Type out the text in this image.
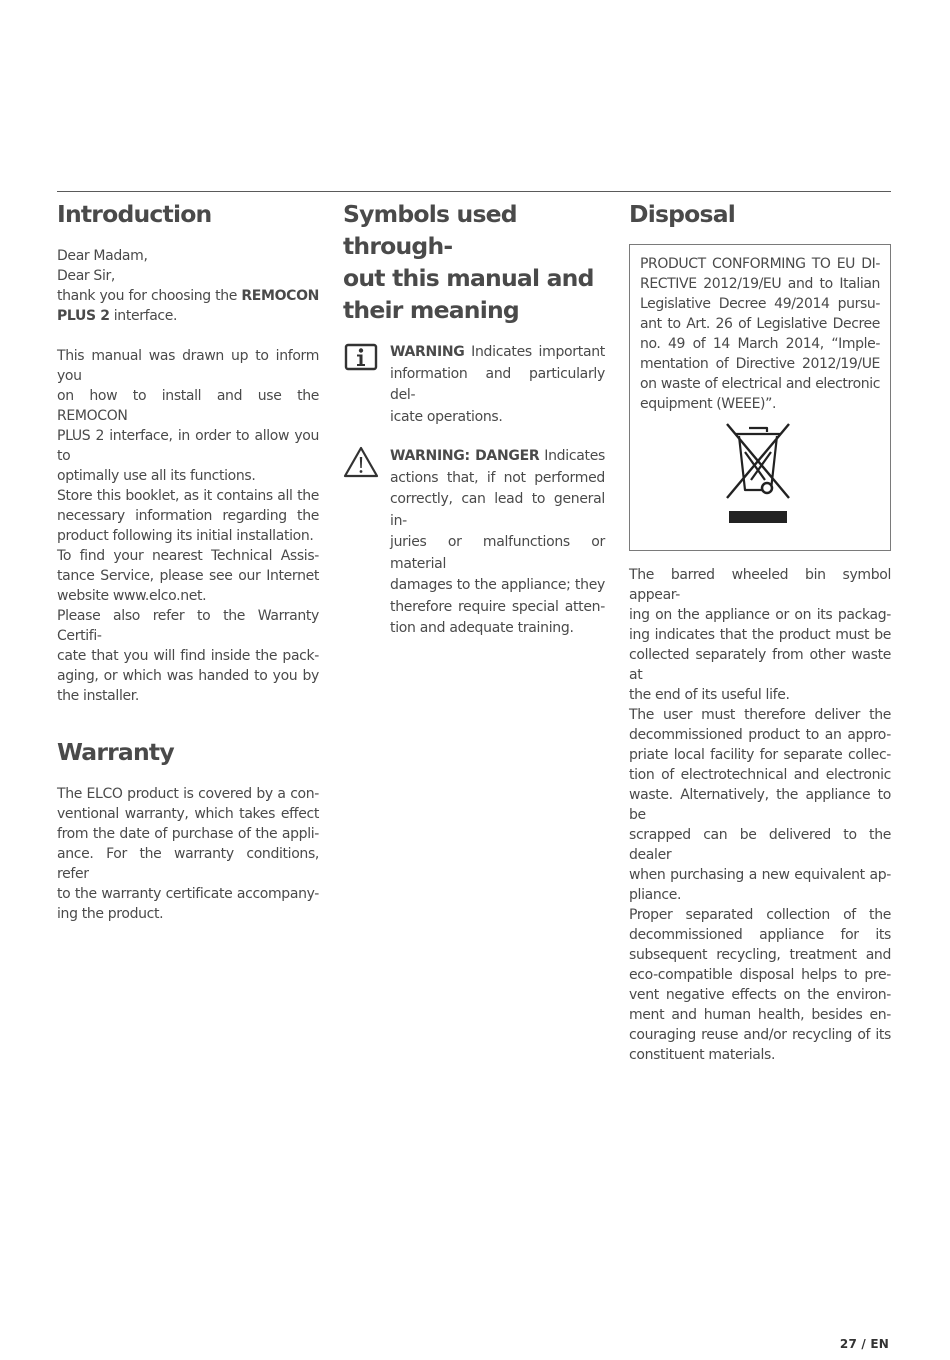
Introduction
Dear Madam,
Dear Sir,
thank you for choosing the REMOCON PLUS 2 interface.
This manual was drawn up to inform you
on how to install and use the REMOCON
PLUS 2 interface, in order to allow you to
optimally use all its functions.
Store this booklet, as it contains all the
necessary information regarding the
product following its initial installation.
To find your nearest Technical Assis-
tance Service, please see our Internet
website www.elco.net.
Please also refer to the Warranty Certifi-
cate that you will find inside the pack-
aging, or which was handed to you by
the installer.
Warranty
The ELCO product is covered by a con-
ventional warranty, which takes effect
from the date of purchase of the appli-
ance. For the warranty conditions, refer
to the warranty certificate accompany-
ing the product.
Symbols used through-
out this manual and
their meaning
WARNING Indicates important
information and particularly del-
icate operations.
WARNING: DANGER Indicates
actions that, if not performed
correctly, can lead to general in-
juries or malfunctions or material
damages to the appliance; they
therefore require special atten-
tion and adequate training.
Disposal
PRODUCT CONFORMING TO EU DI-
RECTIVE 2012/19/EU and to Italian
Legislative Decree 49/2014 pursu-
ant to Art. 26 of Legislative Decree
no. 49 of 14 March 2014, “Imple-
mentation of Directive 2012/19/UE
on waste of electrical and electronic
equipment (WEEE)”.
The barred wheeled bin symbol appear-
ing on the appliance or on its packag-
ing indicates that the product must be
collected separately from other waste at
the end of its useful life.
The user must therefore deliver the
decommissioned product to an appro-
priate local facility for separate collec-
tion of electrotechnical and electronic
waste. Alternatively, the appliance to be
scrapped can be delivered to the dealer
when purchasing a new equivalent ap-
pliance.
Proper separated collection of the
decommissioned appliance for its
subsequent recycling, treatment and
eco-compatible disposal helps to pre-
vent negative effects on the environ-
ment and human health, besides en-
couraging reuse and/or recycling of its
constituent materials.
27 / EN
